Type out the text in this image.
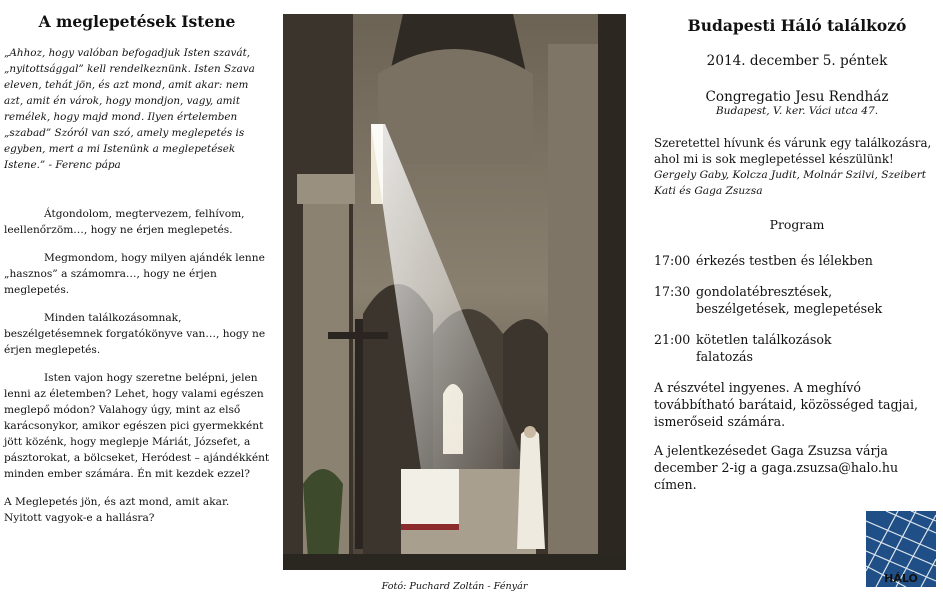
A meglepetések Istene

„Ahhoz, hogy valóban befogadjuk Isten szavát, „nyitottsággal” kell rendelkeznünk. Isten Szava eleven, tehát jön, és azt mond, amit akar: nem azt, amit én várok, hogy mondjon, vagy, amit remélek, hogy majd mond. Ilyen értelemben „szabad” Szóról van szó, amely meglepetés is egyben, mert a mi Istenünk a meglepetések Istene.” - Ferenc pápa

Átgondolom, megtervezem, felhívom, leellenőrzöm…, hogy ne érjen meglepetés.

Megmondom, hogy milyen ajándék lenne „hasznos” a számomra…, hogy ne érjen meglepetés.

Minden találkozásomnak, beszélgetésemnek forgatókönyve van…, hogy ne érjen meglepetés.

Isten vajon hogy szeretne belépni, jelen lenni az életemben? Lehet, hogy valami egészen meglepő módon? Valahogy úgy, mint az első karácsonykor, amikor egészen pici gyermekként jött közénk, hogy meglepje Máriát, Józsefet, a pásztorokat, a bölcseket, Heródest – ajándékként minden ember számára. Én mit kezdek ezzel?

A Meglepetés jön, és azt mond, amit akar. Nyitott vagyok-e a hallásra?

Fotó: Puchard Zoltán - Fényár
Budapesti Háló találkozó
2014. december 5. péntek
Congregatio Jesu Rendház
Budapest, V. ker. Váci utca 47.

Szeretettel hívunk és várunk egy találkozásra, ahol mi is sok meglepetéssel készülünk!

Gergely Gaby, Kolcza Judit, Molnár Szilvi, Szeibert Kati és Gaga Zsuzsa

Program
17:00 érkezés testben és lélekben
17:30 gondolatébresztések,
beszélgetések, meglepetések
21:00 kötetlen találkozások
falatozás

A részvétel ingyenes. A meghívó továbbítható barátaid, közösséged tagjai, ismerőseid számára.

A jelentkezésedet Gaga Zsuzsa várja december 2-ig a gaga.zsuzsa@halo.hu címen.

HÁLÓ
